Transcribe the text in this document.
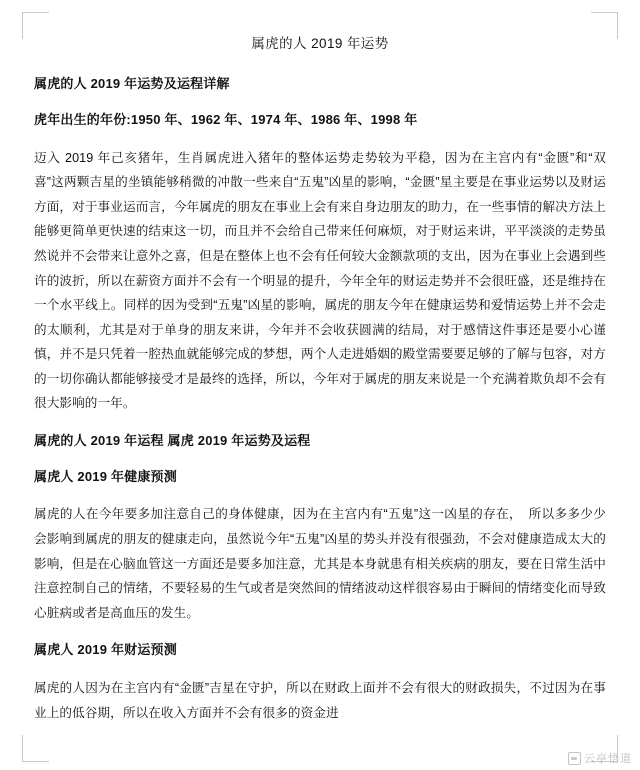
属虎的人 2019 年运势
属虎的人 2019 年运势及运程详解
虎年出生的年份:1950 年、1962 年、1974 年、1986 年、1998 年

迈入 2019 年己亥猪年，生肖属虎进入猪年的整体运势走势较为平稳，因为在主宫内有“金匮”和“双喜”这两颗吉星的坐镇能够稍微的冲散一些来自“五鬼”凶星的影响，“金匮”星主要是在事业运势以及财运方面，对于事业运而言，今年属虎的朋友在事业上会有来自身边朋友的助力，在一些事情的解决方法上能够更简单更快速的结束这一切，而且并不会给自己带来任何麻烦，对于财运来讲，平平淡淡的走势虽然说并不会带来让意外之喜，但是在整体上也不会有任何较大金额款项的支出，因为在事业上会遇到些许的波折，所以在薪资方面并不会有一个明显的提升，今年全年的财运走势并不会很旺盛，还是维持在一个水平线上。同样的因为受到“五鬼”凶星的影响，属虎的朋友今年在健康运势和爱情运势上并不会走的太顺利，尤其是对于单身的朋友来讲，今年并不会收获圆满的结局，对于感情这件事还是要小心谨慎，并不是只凭着一腔热血就能够完成的梦想，两个人走进婚姻的殿堂需要要足够的了解与包容，对方的一切你确认都能够接受才是最终的选择，所以，今年对于属虎的朋友来说是一个充满着欺负却不会有很大影响的一年。

属虎的人 2019 年运程 属虎 2019 年运势及运程
属虎人 2019 年健康预测

属虎的人在今年要多加注意自己的身体健康，因为在主宫内有“五鬼”这一凶星的存在，　所以多多少少会影响到属虎的朋友的健康走向，虽然说今年“五鬼”凶星的势头并没有很强劲，不会对健康造成太大的影响，但是在心脑血管这一方面还是要多加注意，尤其是本身就患有相关疾病的朋友，要在日常生活中注意控制自己的情绪，不要轻易的生气或者是突然间的情绪波动这样很容易由于瞬间的情绪变化而导致心脏病或者是高血压的发生。

属虎人 2019 年财运预测

属虎的人因为在主宫内有“金匮”吉星在守护，所以在财政上面并不会有很大的财政损失，不过因为在事业上的低谷期，所以在收入方面并不会有很多的资金进

云亭悟道
